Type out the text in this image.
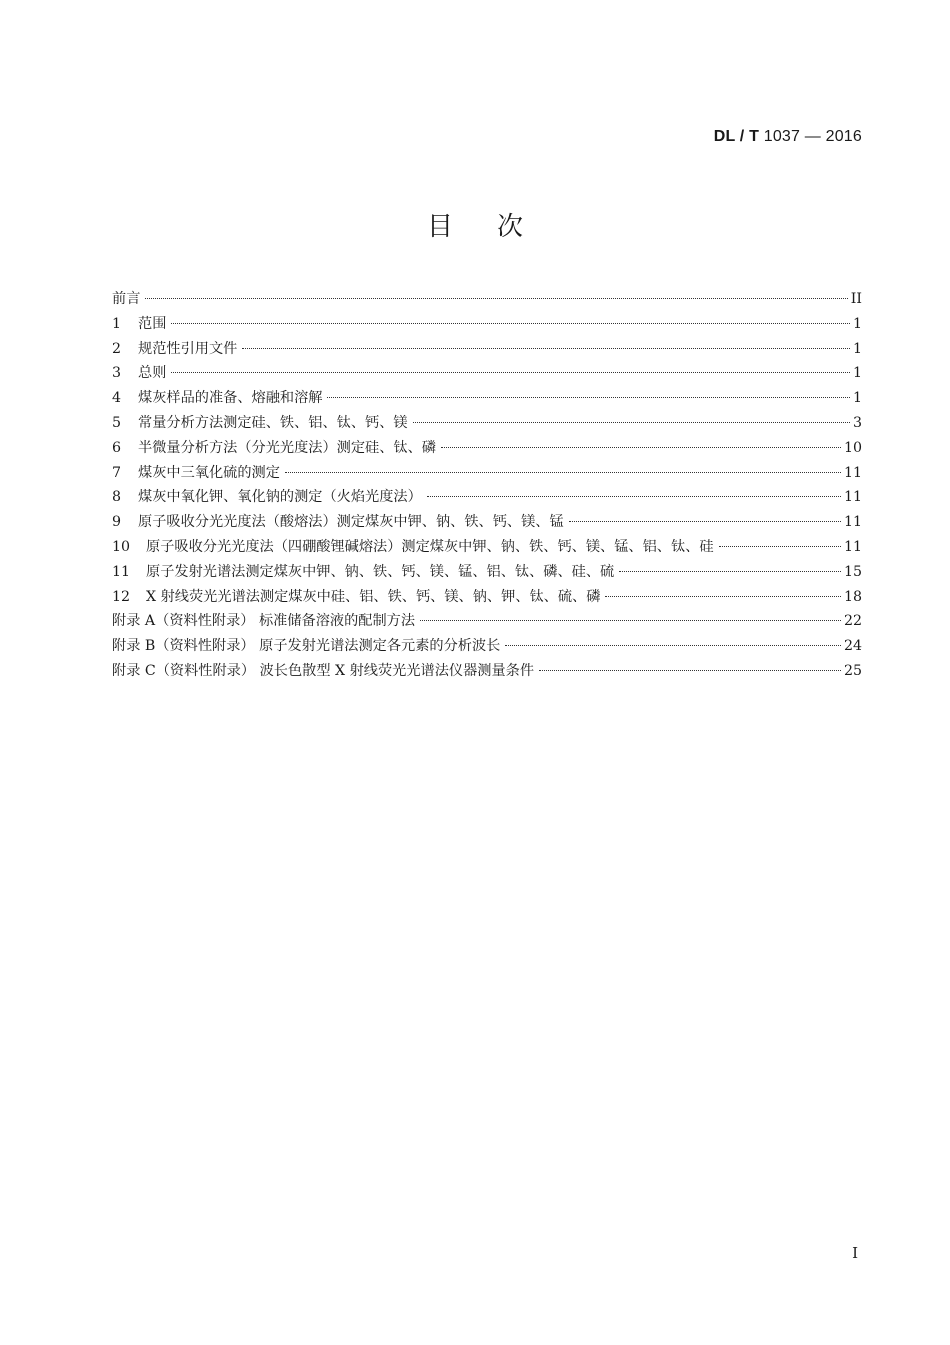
DL / T 1037 — 2016
目次
前言	II
1	范围	1
2	规范性引用文件	1
3	总则	1
4	煤灰样品的准备、熔融和溶解	1
5	常量分析方法测定硅、铁、铝、钛、钙、镁	3
6	半微量分析方法（分光光度法）测定硅、钛、磷	10
7	煤灰中三氧化硫的测定	11
8	煤灰中氧化钾、氧化钠的测定（火焰光度法）	11
9	原子吸收分光光度法（酸熔法）测定煤灰中钾、钠、铁、钙、镁、锰	11
10	原子吸收分光光度法（四硼酸锂碱熔法）测定煤灰中钾、钠、铁、钙、镁、锰、铝、钛、硅	11
11	原子发射光谱法测定煤灰中钾、钠、铁、钙、镁、锰、铝、钛、磷、硅、硫	15
12	X 射线荧光光谱法测定煤灰中硅、铝、铁、钙、镁、钠、钾、钛、硫、磷	18
附录 A（资料性附录） 标准储备溶液的配制方法	22
附录 B（资料性附录） 原子发射光谱法测定各元素的分析波长	24
附录 C（资料性附录） 波长色散型 X 射线荧光光谱法仪器测量条件	25
I
